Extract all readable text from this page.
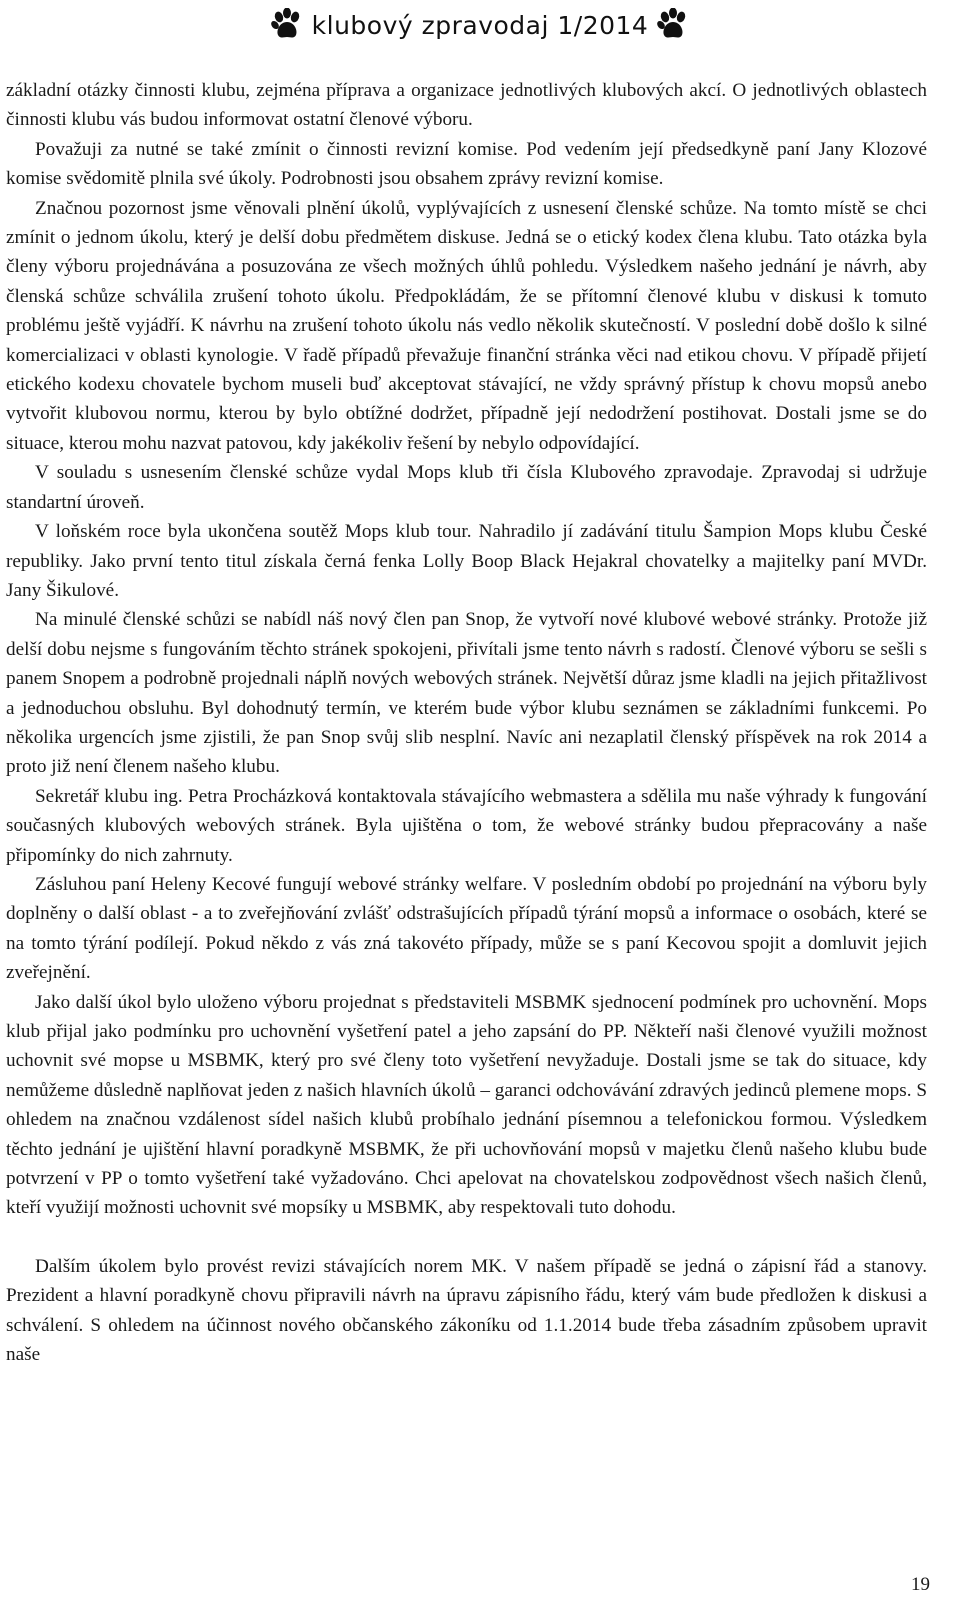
klubový zpravodaj 1/2014

základní otázky činnosti klubu, zejména příprava a organizace jednotlivých klubových akcí. O jednotlivých oblastech činnosti klubu vás budou informovat ostatní členové výboru.

Považuji za nutné se také zmínit o činnosti revizní komise. Pod vedením její předsedkyně paní Jany Klozové komise svědomitě plnila své úkoly. Podrobnosti jsou obsahem zprávy revizní komise.

Značnou pozornost jsme věnovali plnění úkolů, vyplývajících z usnesení členské schůze. Na tomto místě se chci zmínit o jednom úkolu, který je delší dobu předmětem diskuse. Jedná se o etický kodex člena klubu. Tato otázka byla členy výboru projednávána a posuzována ze všech možných úhlů pohledu. Výsledkem našeho jednání je návrh, aby členská schůze schválila zrušení tohoto úkolu. Předpokládám, že se přítomní členové klubu v diskusi k tomuto problému ještě vyjádří. K návrhu na zrušení tohoto úkolu nás vedlo několik skutečností. V poslední době došlo k silné komercializaci v oblasti kynologie. V řadě případů převažuje finanční stránka věci nad etikou chovu. V případě přijetí etického kodexu chovatele bychom museli buď akceptovat stávající, ne vždy správný přístup k chovu mopsů anebo vytvořit klubovou normu, kterou by bylo obtížné dodržet, případně její nedodržení postihovat. Dostali jsme se do situace, kterou mohu nazvat patovou, kdy jakékoliv řešení by nebylo odpovídající.

V souladu s usnesením členské schůze vydal Mops klub tři čísla Klubového zpravodaje. Zpravodaj si udržuje standartní úroveň.

V loňském roce byla ukončena soutěž Mops klub tour. Nahradilo jí zadávání titulu Šampion Mops klubu České republiky. Jako první tento titul získala černá fenka Lolly Boop Black Hejakral chovatelky a majitelky paní MVDr. Jany Šikulové.

Na minulé členské schůzi se nabídl náš nový člen pan Snop, že vytvoří nové klubové webové stránky. Protože již delší dobu nejsme s fungováním těchto stránek spokojeni, přivítali jsme tento návrh s radostí. Členové výboru se sešli s panem Snopem a podrobně projednali náplň nových webových stránek. Největší důraz jsme kladli na jejich přitažlivost a jednoduchou obsluhu. Byl dohodnutý termín, ve kterém bude výbor klubu seznámen se základními funkcemi. Po několika urgencích jsme zjistili, že pan Snop svůj slib nesplní. Navíc ani nezaplatil členský příspěvek na rok 2014 a proto již není členem našeho klubu.

Sekretář klubu ing. Petra Procházková kontaktovala stávajícího webmastera a sdělila mu naše výhrady k fungování současných klubových webových stránek. Byla ujištěna o tom, že webové stránky budou přepracovány a naše připomínky do nich zahrnuty.

Zásluhou paní Heleny Kecové fungují webové stránky welfare. V posledním období po projednání na výboru byly doplněny o další oblast - a to zveřejňování zvlášť odstrašujících případů týrání mopsů a informace o osobách, které se na tomto týrání podílejí. Pokud někdo z vás zná takovéto případy, může se s paní Kecovou spojit a domluvit jejich zveřejnění.

Jako další úkol bylo uloženo výboru projednat s představiteli MSBMK sjednocení podmínek pro uchovnění. Mops klub přijal jako podmínku pro uchovnění vyšetření patel a jeho zapsání do PP. Někteří naši členové využili možnost uchovnit své mopse u MSBMK, který pro své členy toto vyšetření nevyžaduje. Dostali jsme se tak do situace, kdy nemůžeme důsledně naplňovat jeden z našich hlavních úkolů – garanci odchovávání zdravých jedinců plemene mops. S ohledem na značnou vzdálenost sídel našich klubů probíhalo jednání písemnou a telefonickou formou. Výsledkem těchto jednání je ujištění hlavní poradkyně MSBMK, že při uchovňování mopsů v majetku členů našeho klubu bude potvrzení v PP o tomto vyšetření také vyžadováno. Chci apelovat na chovatelskou zodpovědnost všech našich členů, kteří využijí možnosti uchovnit své mopsíky u MSBMK, aby respektovali tuto dohodu.

Dalším úkolem bylo provést revizi stávajících norem MK. V našem případě se jedná o zápisní řád a stanovy. Prezident a hlavní poradkyně chovu připravili návrh na úpravu zápisního řádu, který vám bude předložen k diskusi a schválení. S ohledem na účinnost nového občanského zákoníku od 1.1.2014 bude třeba zásadním způsobem upravit naše

19
